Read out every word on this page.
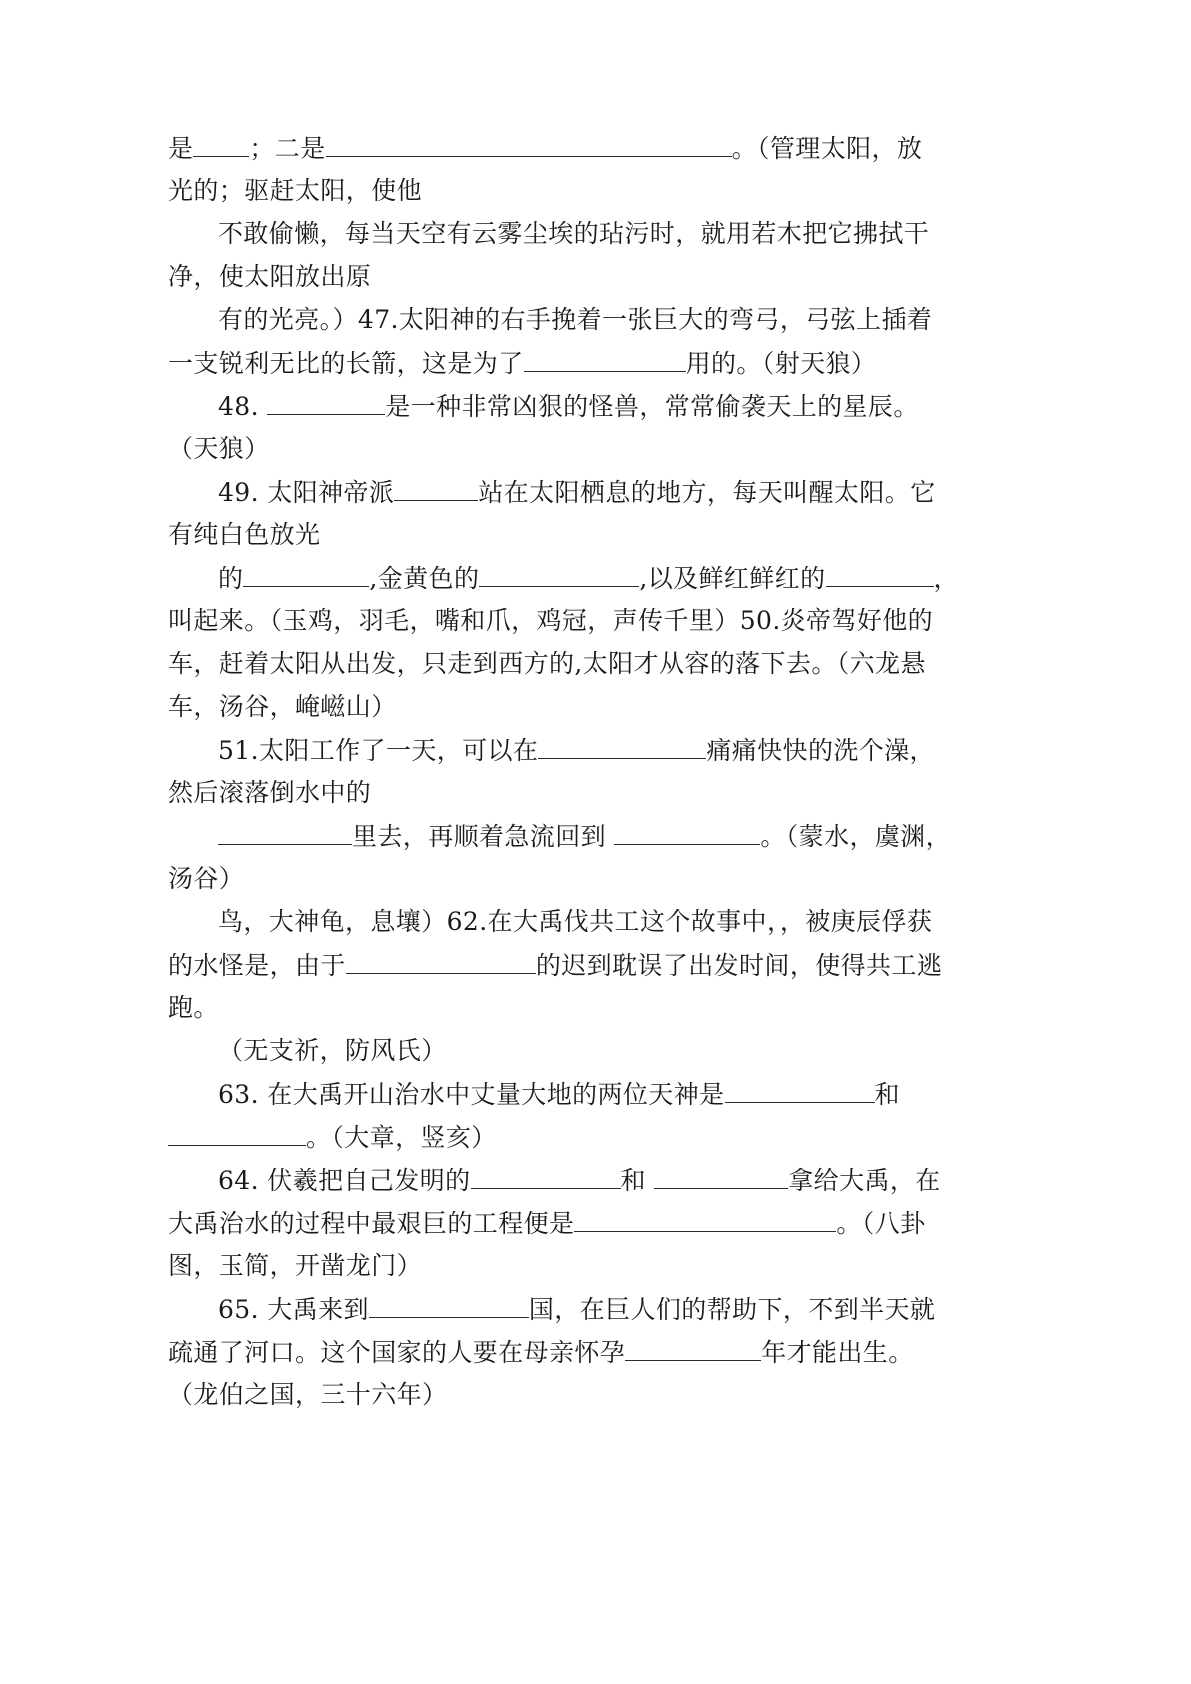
是 ；二是	。（管理太阳，放
光的；驱赶太阳，使他
不敢偷懒，每当天空有云雾尘埃的玷污时，就用若木把它拂拭干
净，使太阳放出原
有的光亮。）47.太阳神的右手挽着一张巨大的弯弓，弓弦上插着
一支锐利无比的长箭，这是为了	用的。（射天狼）
48.	是一种非常凶狠的怪兽，常常偷袭天上的星辰。
（天狼）
49. 太阳神帝派	站在太阳栖息的地方，每天叫醒太阳。它
有纯白色放光
的	,金黄色的	,以及鲜红鲜红的	，
叫起来。（玉鸡，羽毛，嘴和爪，鸡冠，声传千里）50.炎帝驾好他的
车，赶着太阳从出发，只走到西方的,太阳才从容的落下去。（六龙悬
车，汤谷，崦嵫山）
51.太阳工作了一天，可以在	痛痛快快的洗个澡，
然后滚落倒水中的
里去，再顺着急流回到	。（蒙水，虞渊，
汤谷）
鸟，大神龟，息壤）62.在大禹伐共工这个故事中，，被庚辰俘获
的水怪是，由于	的迟到耽误了出发时间，使得共工逃
跑。
（无支祈，防风氏）
63. 在大禹开山治水中丈量大地的两位天神是	和
。（大章，竖亥）
64. 伏羲把自己发明的	和	拿给大禹，在
大禹治水的过程中最艰巨的工程便是	。（八卦
图，玉简，开凿龙门）
65. 大禹来到	国，在巨人们的帮助下，不到半天就
疏通了河口。这个国家的人要在母亲怀孕	年才能出生。
（龙伯之国，三十六年）
